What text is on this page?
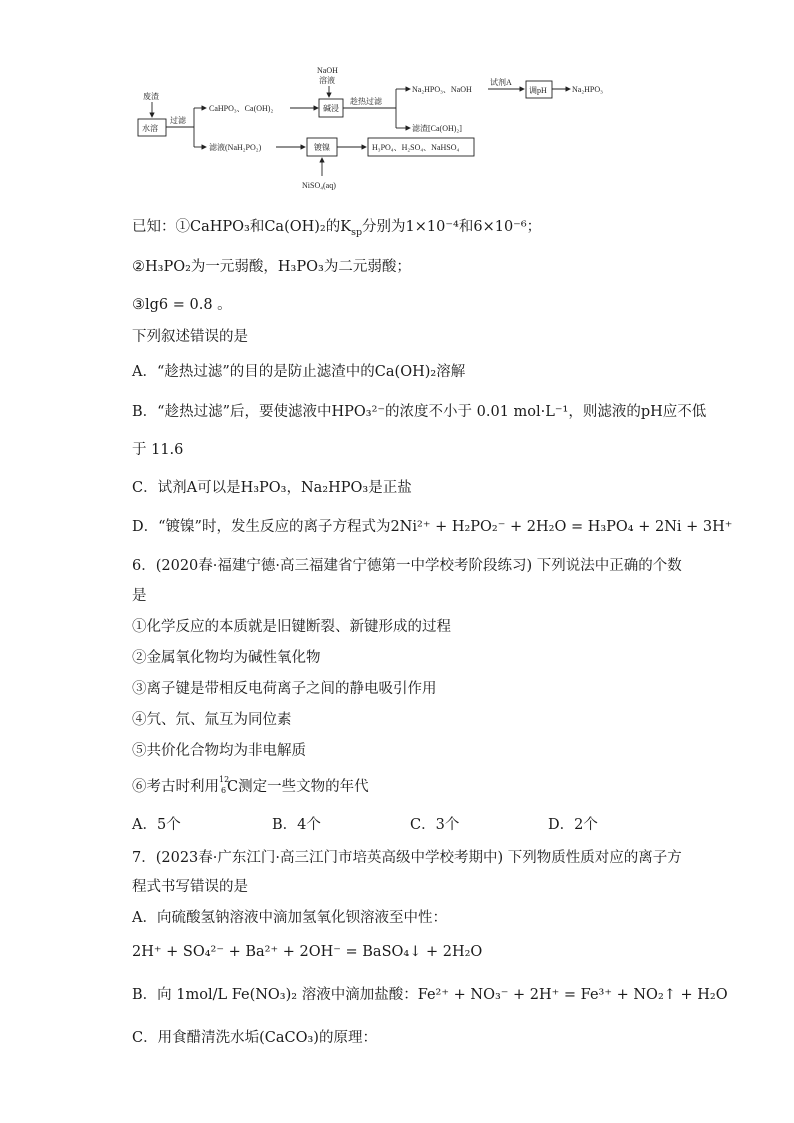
废渣
水溶
过滤
CaHPO₃、Ca(OH)₂
NaOH
溶液
碱浸
趁热过滤
Na₂HPO₃、NaOH
试剂A
调pH	Na₂HPO₃
滤渣[Ca(OH)₂]
滤液(NaH₂PO₂)	镀镍	H₃PO₄、H₂SO₄、NaHSO₄
NiSO₄(aq)
已知：①CaHPO₃和Ca(OH)₂的$K_{sp}$分别为1×10⁻⁴和6×10⁻⁶；
②H₃PO₂为一元弱酸，H₃PO₃为二元弱酸；
③lg6 = 0.8 。
下列叙述错误的是
A．“趁热过滤”的目的是防止滤渣中的Ca(OH)₂溶解
B．“趁热过滤”后，要使滤液中HPO₃²⁻的浓度不小于 0.01 mol·L⁻¹，则滤液的pH应不低
于 11.6
C．试剂A可以是H₃PO₃，Na₂HPO₃是正盐
D．“镀镍”时，发生反应的离子方程式为2Ni²⁺ + H₂PO₂⁻ + 2H₂O = H₃PO₄ + 2Ni + 3H⁺
6．(2020春·福建宁德·高三福建省宁德第一中学校考阶段练习) 下列说法中正确的个数
是
①化学反应的本质就是旧键断裂、新键形成的过程
②金属氧化物均为碱性氧化物
③离子键是带相反电荷离子之间的静电吸引作用
④氕、氘、氚互为同位素
⑤共价化合物均为非电解质
⑥考古时利用 12
6 C测定一些文物的年代
A．5个	B．4个	C．3个	D．2个
7．(2023春·广东江门·高三江门市培英高级中学校考期中) 下列物质性质对应的离子方
程式书写错误的是
A．向硫酸氢钠溶液中滴加氢氧化钡溶液至中性：
2H⁺ + SO₄²⁻ + Ba²⁺ + 2OH⁻ = BaSO₄↓ + 2H₂O
B．向 1mol/L Fe(NO₃)₂ 溶液中滴加盐酸：Fe²⁺ + NO₃⁻ + 2H⁺ = Fe³⁺ + NO₂↑ + H₂O
C．用食醋清洗水垢(CaCO₃)的原理：
